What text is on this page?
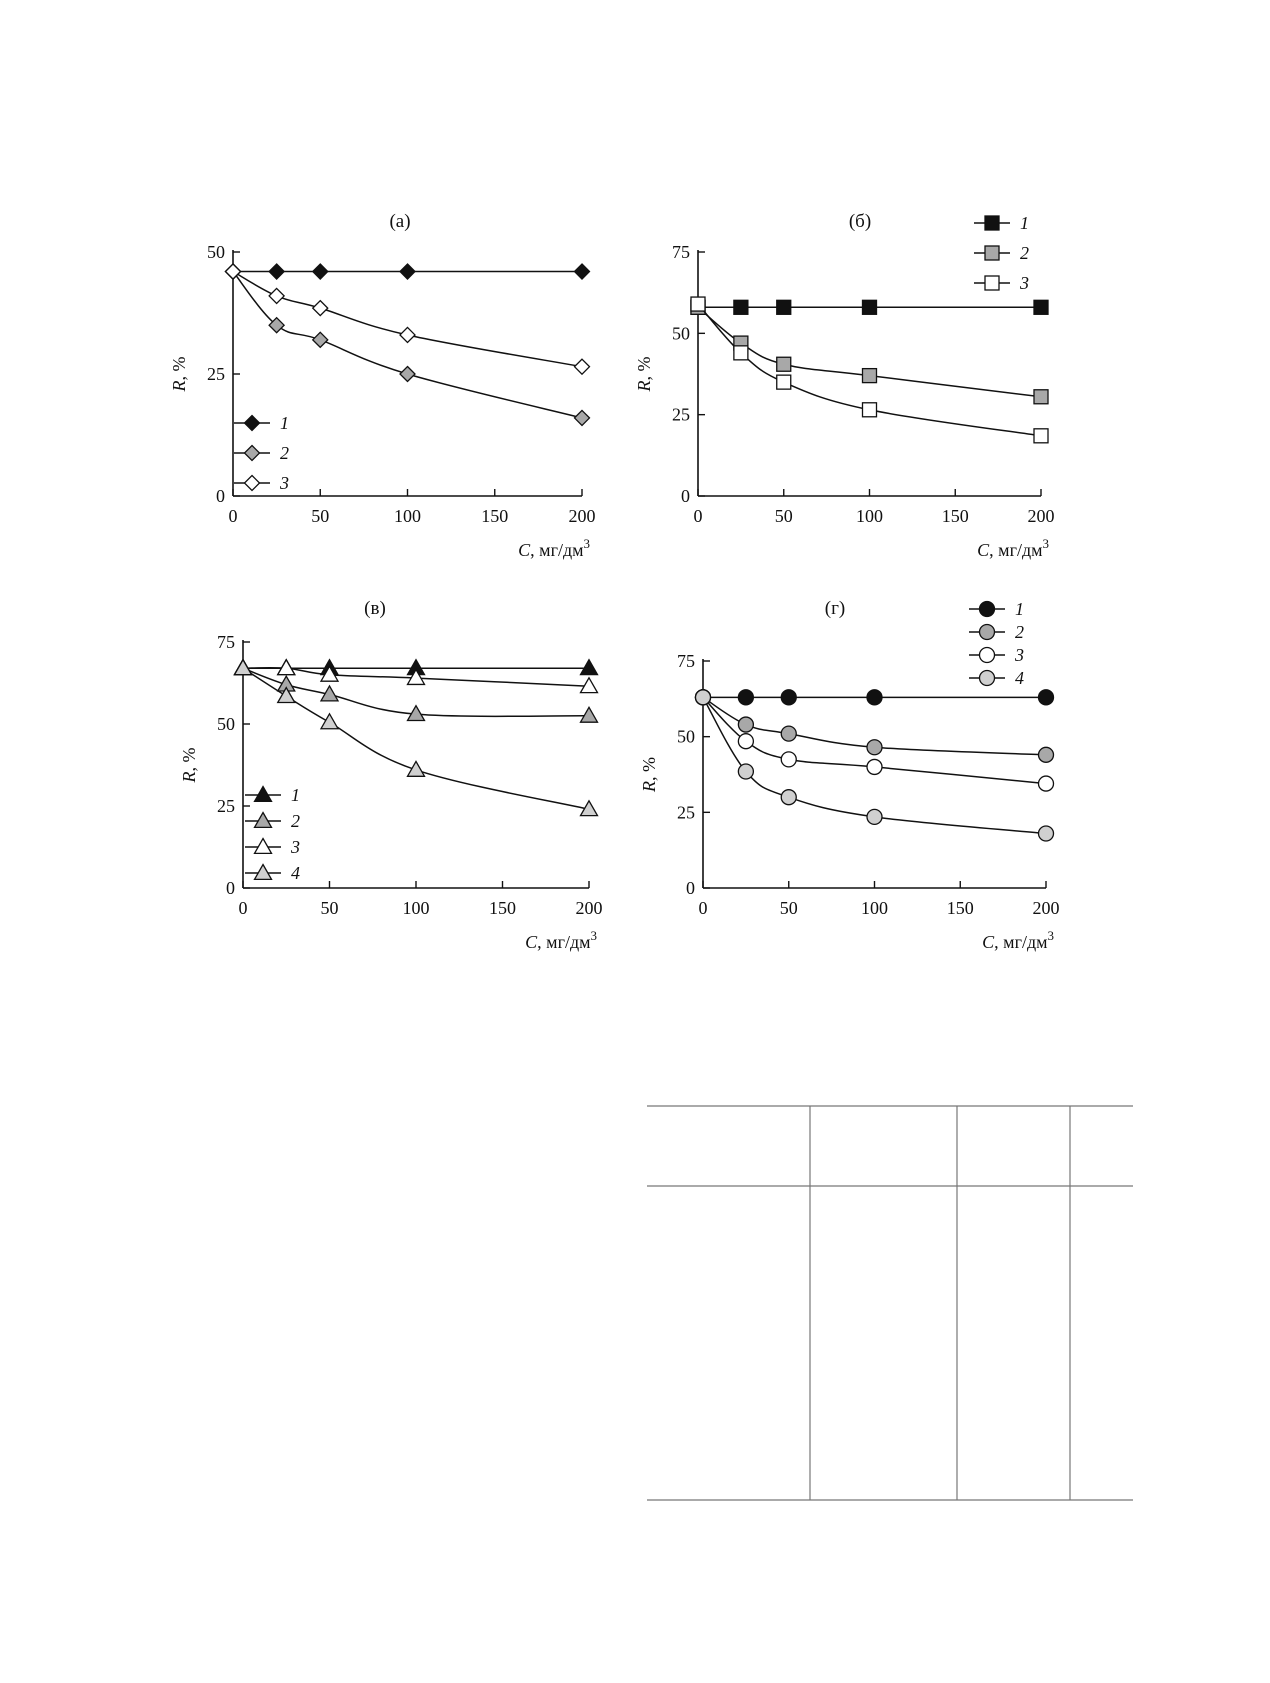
(а)
0	50	100	150	200
0
25
50
C, $мг/дм^3$
R, %
1
2
3
(б)
0	50	100	150	200
0
25
50
75
C, $мг/дм^3$
R, %
1
2
3
(в)
0	50	100	150	200
0
25
50
75
C, $мг/дм^3$
R, %
1
2
3
4
(г)
0	50	100	150	200
0
25
50
75
C, $мг/дм^3$
R, %
1
2
3
4
